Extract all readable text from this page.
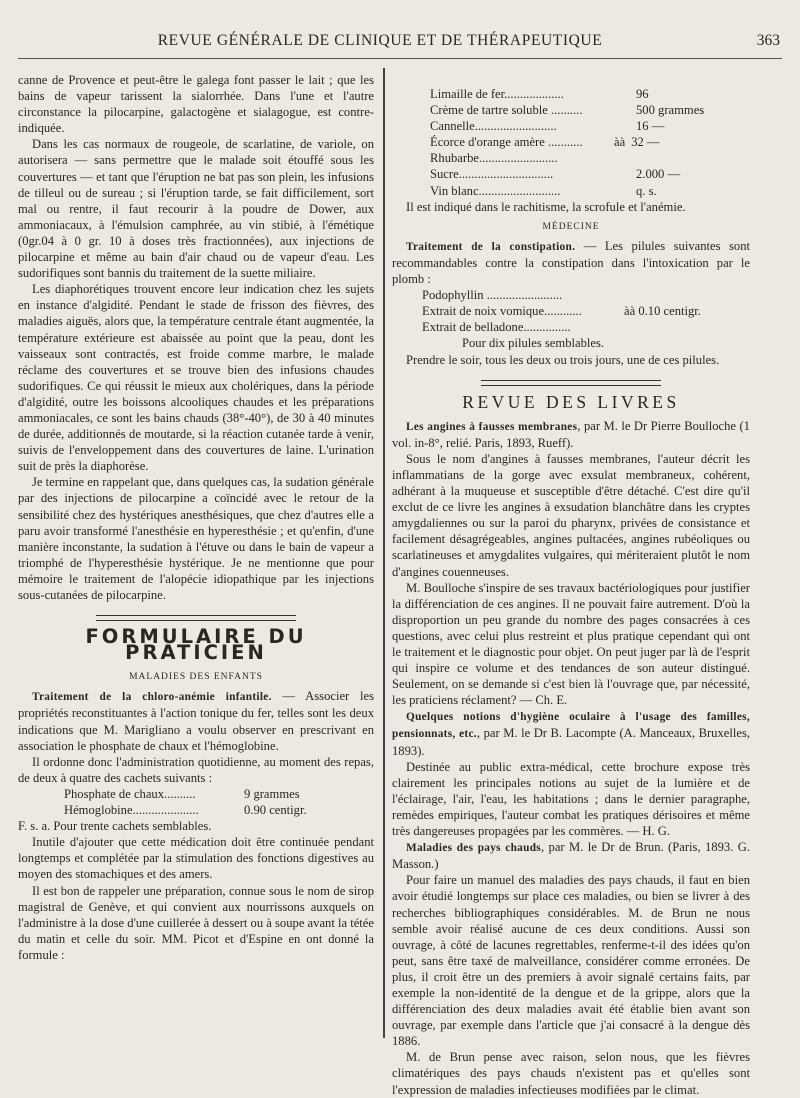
REVUE GÉNÉRALE DE CLINIQUE ET DE THÉRAPEUTIQUE	363

canne de Provence et peut-être le galega font passer le lait ; que les bains de vapeur tarissent la sialorrhée. Dans l'une et l'autre circonstance la pilocarpine, galactogène et sialagogue, est contre-indiquée.

Dans les cas normaux de rougeole, de scarlatine, de variole, on autorisera — sans permettre que le malade soit étouffé sous les couvertures — et tant que l'éruption ne bat pas son plein, les infusions de tilleul ou de sureau ; si l'éruption tarde, se fait difficilement, sort mal ou rentre, il faut recourir à la poudre de Dower, aux ammoniacaux, à l'émulsion camphrée, au vin stibié, à l'émétique (0gr.04 à 0 gr. 10 à doses très fractionnées), aux injections de pilocarpine et même au bain d'air chaud ou de vapeur d'eau. Les sudorifiques sont bannis du traitement de la suette miliaire.

Les diaphorétiques trouvent encore leur indication chez les sujets en instance d'algidité. Pendant le stade de frisson des fièvres, des maladies aiguës, alors que, la température centrale étant augmentée, la température extérieure est abaissée au point que la peau, dont les vaisseaux sont contractés, est froide comme marbre, le malade réclame des couvertures et se trouve bien des infusions chaudes sudorifiques. Ce qui réussit le mieux aux cholériques, dans la période d'algidité, outre les boissons alcooliques chaudes et les préparations ammoniacales, ce sont les bains chauds (38°-40°), de 30 à 40 minutes de durée, additionnés de moutarde, si la réaction cutanée tarde à venir, suivis de l'enveloppement dans des couvertures de laine. L'urination suit de près la diaphorèse.

Je termine en rappelant que, dans quelques cas, la sudation générale par des injections de pilocarpine a coïncidé avec le retour de la sensibilité chez des hystériques anesthésiques, que chez d'autres elle a paru avoir transformé l'anesthésie en hyperesthésie ; et qu'enfin, d'une manière inconstante, la sudation à l'étuve ou dans le bain de vapeur a triomphé de l'hyperesthésie hystérique. Je ne mentionne que pour mémoire le traitement de l'alopécie idiopathique par les injections sous-cutanées de pilocarpine.

FORMULAIRE DU PRATICIEN
MALADIES DES ENFANTS

Traitement de la chloro-anémie infantile. — Associer les propriétés reconstituantes à l'action tonique du fer, telles sont les deux indications que M. Marigliano a voulu observer en prescrivant en association le phosphate de chaux et l'hémoglobine.

Il ordonne donc l'administration quotidienne, au moment des repas, de deux à quatre des cachets suivants :

Phosphate de chaux..........	9 grammes
Hémoglobine.....................	0.90 centigr.

F. s. a. Pour trente cachets semblables.

Inutile d'ajouter que cette médication doit être continuée pendant longtemps et complétée par la stimulation des fonctions digestives au moyen des stomachiques et des amers.

Il est bon de rappeler une préparation, connue sous le nom de sirop magistral de Genève, et qui convient aux nourrissons auxquels on l'administre à la dose d'une cuillerée à dessert ou à soupe avant la tétée du matin et celle du soir. MM. Picot et d'Espine en ont donné la formule :

Limaille de fer...................	96
Crème de tartre soluble ..........	500 grammes
Cannelle..........................	16 —
Écorce d'orange amère ...........	àà 32 —
Rhubarbe.........................
Sucre..............................	2.000 —
Vin blanc..........................	q. s.

Il est indiqué dans le rachitisme, la scrofule et l'anémie.

MÉDECINE

Traitement de la constipation. — Les pilules suivantes sont recommandables contre la constipation dans l'intoxication par le plomb :

Podophyllin ........................
Extrait de noix vomique............	àà 0.10 centigr.
Extrait de belladone...............
Pour dix pilules semblables.

Prendre le soir, tous les deux ou trois jours, une de ces pilules.

REVUE DES LIVRES

Les angines à fausses membranes, par M. le Dr Pierre Boulloche (1 vol. in-8°, relié. Paris, 1893, Rueff).

Sous le nom d'angines à fausses membranes, l'auteur décrit les inflammatians de la gorge avec exsulat membraneux, cohérent, adhérant à la muqueuse et susceptible d'être détaché. C'est dire qu'il exclut de ce livre les angines à exsudation blanchâtre dans les cryptes amygdaliennes ou sur la paroi du pharynx, privées de consistance et facilement désagrégeables, angines pultacées, angines rubéoliques ou scarlatineuses et amygdalites vulgaires, qui mériteraient plutôt le nom d'angines couenneuses.

M. Boulloche s'inspire de ses travaux bactériologiques pour justifier la différenciation de ces angines. Il ne pouvait faire autrement. D'où la disproportion un peu grande du nombre des pages consacrées à ces questions, avec celui plus restreint et plus pratique cependant qui ont le traitement et le diagnostic pour objet. On peut juger par là de l'esprit qui inspire ce volume et des tendances de son auteur distingué. Seulement, on se demande si c'est bien là l'ouvrage que, par nécessité, les praticiens réclament? — Ch. E.

Quelques notions d'hygiène oculaire à l'usage des familles, pensionnats, etc., par M. le Dr B. Lacompte (A. Manceaux, Bruxelles, 1893).

Destinée au public extra-médical, cette brochure expose très clairement les principales notions au sujet de la lumière et de l'éclairage, l'air, l'eau, les habitations ; dans le dernier paragraphe, remèdes empiriques, l'auteur combat les pratiques dérisoires et même très dangereuses propagées par les commères. — H. G.

Maladies des pays chauds, par M. le Dr de Brun. (Paris, 1893. G. Masson.)

Pour faire un manuel des maladies des pays chauds, il faut en bien avoir étudié longtemps sur place ces maladies, ou bien se livrer à des recherches bibliographiques considérables. M. de Brun ne nous semble avoir réalisé aucune de ces deux conditions. Aussi son ouvrage, à côté de lacunes regrettables, renferme-t-il des idées qu'on peut, sans être taxé de malveillance, considérer comme erronées. De plus, il croit être un des premiers à avoir signalé certains faits, par exemple la non-identité de la dengue et de la grippe, alors que la différenciation des deux maladies avait été établie bien avant son ouvrage, par exemple dans l'article que j'ai consacré à la dengue dès 1886.

M. de Brun pense avec raison, selon nous, que les fièvres climatériques des pays chauds n'existent pas et qu'elles sont l'expression de maladies infectieuses modifiées par le climat.
